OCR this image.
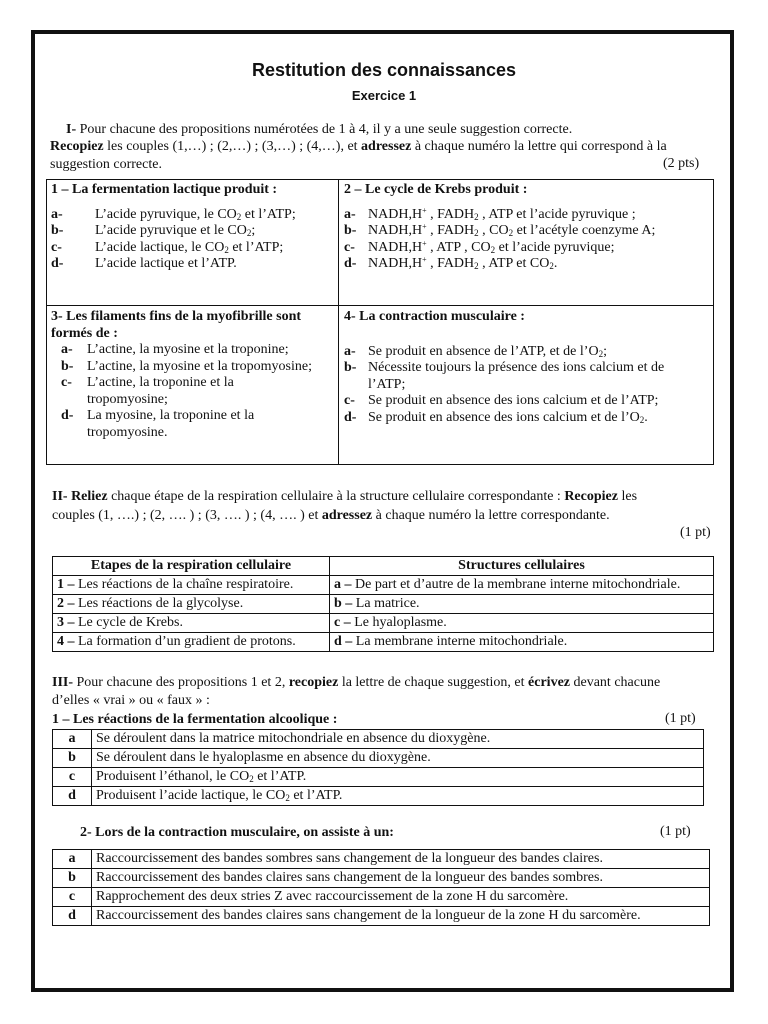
Restitution des connaissances
Exercice 1
I- Pour chacune des propositions numérotées de 1 à 4, il y a une seule suggestion correcte.
Recopiez les couples (1,…) ; (2,…) ; (3,…) ; (4,…), et adressez à chaque numéro la lettre qui correspond à la
suggestion correcte.	(2 pts)
1 – La fermentation lactique produit :
a-	L’acide pyruvique, le $CO_2$ et l’ATP;
b-	L’acide pyruvique et le $CO_2$;
c-	L’acide lactique, le $CO_2$ et l’ATP;
d-	L’acide lactique et l’ATP.
2 – Le cycle de Krebs produit :
a- NADH,H+ , $FADH_2$ , ATP et l’acide pyruvique ;
b- NADH,H+ , $FADH_2$ , $CO_2$ et l’acétyle coenzyme A;
c- NADH,H+ , ATP , $CO_2$ et l’acide pyruvique;
d- NADH,H+ , $FADH_2$ , ATP et $CO_2$.
3- Les filaments fins de la myofibrille sont
formés de :
a-	L’actine, la myosine et la troponine;
b- L’actine, la myosine et la tropomyosine;
c-	L’actine, la troponine et la
tropomyosine;
d- La myosine, la troponine et la
tropomyosine.
4- La contraction musculaire :
a- Se produit en absence de l’ATP, et de $l’O_2$;
b- Nécessite toujours la présence des ions calcium et de
l’ATP;
c- Se produit en absence des ions calcium et de l’ATP;
d- Se produit en absence des ions calcium et de $l’O_2$.
II- Reliez chaque étape de la respiration cellulaire à la structure cellulaire correspondante : Recopiez les
couples (1, ….) ; (2, …. ) ; (3, …. ) ; (4, …. ) et adressez à chaque numéro la lettre correspondante.
(1 pt)
Etapes de la respiration cellulaire	Structures cellulaires
1 – Les réactions de la chaîne respiratoire.	a – De part et d’autre de la membrane interne mitochondriale.
2 – Les réactions de la glycolyse.	b – La matrice.
3 – Le cycle de Krebs.	c – Le hyaloplasme.
4 – La formation d’un gradient de protons.	d – La membrane interne mitochondriale.
III- Pour chacune des propositions 1 et 2, recopiez la lettre de chaque suggestion, et écrivez devant chacune
d’elles « vrai » ou « faux » :
1 – Les réactions de la fermentation alcoolique :	(1 pt)
a	Se déroulent dans la matrice mitochondriale en absence du dioxygène.
b	Se déroulent dans le hyaloplasme en absence du dioxygène.
c	Produisent l’éthanol, le $CO_2$ et l’ATP.
d	Produisent l’acide lactique, le $CO_2$ et l’ATP.
2- Lors de la contraction musculaire, on assiste à un:	(1 pt)
a	Raccourcissement des bandes sombres sans changement de la longueur des bandes claires.
b	Raccourcissement des bandes claires sans changement de la longueur des bandes sombres.
c	Rapprochement des deux stries Z avec raccourcissement de la zone H du sarcomère.
d	Raccourcissement des bandes claires sans changement de la longueur de la zone H du sarcomère.
